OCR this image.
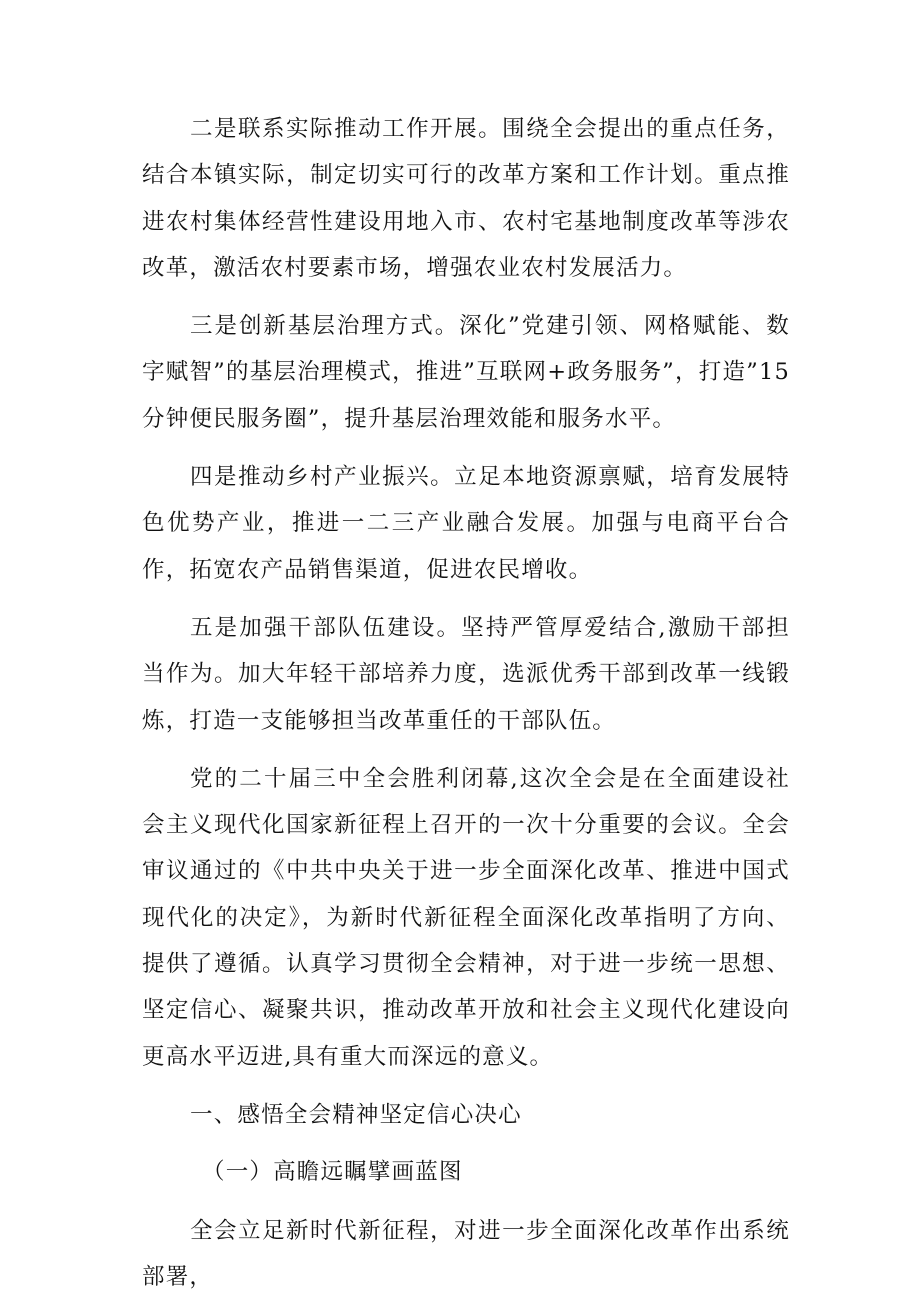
二是联系实际推动工作开展。围绕全会提出的重点任务，结合本镇实际，制定切实可行的改革方案和工作计划。重点推进农村集体经营性建设用地入市、农村宅基地制度改革等涉农改革，激活农村要素市场，增强农业农村发展活力。

三是创新基层治理方式。深化”党建引领、网格赋能、数字赋智”的基层治理模式，推进”互联网+政务服务”，打造”15分钟便民服务圈”，提升基层治理效能和服务水平。

四是推动乡村产业振兴。立足本地资源禀赋，培育发展特色优势产业，推进一二三产业融合发展。加强与电商平台合作，拓宽农产品销售渠道，促进农民增收。

五是加强干部队伍建设。坚持严管厚爱结合,激励干部担当作为。加大年轻干部培养力度，选派优秀干部到改革一线锻炼，打造一支能够担当改革重任的干部队伍。

党的二十届三中全会胜利闭幕,这次全会是在全面建设社会主义现代化国家新征程上召开的一次十分重要的会议。全会审议通过的《中共中央关于进一步全面深化改革、推进中国式现代化的决定》，为新时代新征程全面深化改革指明了方向、提供了遵循。认真学习贯彻全会精神，对于进一步统一思想、坚定信心、凝聚共识，推动改革开放和社会主义现代化建设向更高水平迈进,具有重大而深远的意义。

一、感悟全会精神坚定信心决心

（一）高瞻远瞩擘画蓝图

全会立足新时代新征程，对进一步全面深化改革作出系统部署，
